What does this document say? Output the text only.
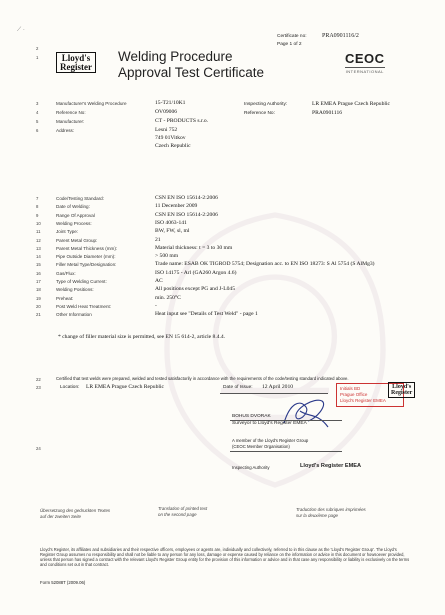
⟋ ·
Certificate no:	PRA0901116/2
Page 1 of 2
2
1	Lloyd's
Register
Welding Procedure
Approval Test Certificate
CEOC
INTERNATIONAL
3	Manufacturer's Welding Procedure	15-T21/10K1
4	Reference No:	OV09006
5	Manufacturer:	CT - PRODUCTS s.r.o.
6	Address:	Lesni 752
749 01Vitkov
Czech Republic
Inspecting Authority:	LR EMEA Prague Czech Republic
Reference No:	PRA0901116
7	Code/Testing Standard:	CSN EN ISO 15614-2:2006
8	Date of Welding:	11 December 2009
9	Range Of Approval	CSN EN ISO 15614-2:2006
10	Welding Process:	ISO 4063-141
11	Joint Type:	BW, FW, sl, ml
12	Parent Metal Group:	21
13	Parent Metal Thickness (mm):	Material thickness: t = 3 to 30 mm
14	Pipe Outside Diameter (mm):	> 500 mm
15	Filler Metal Type/Designation:	Trade name: ESAB OK TIGROD 5754; Designation acc. to EN ISO 18273: S Al 5754 (S AlMg3)
16	Gas/Flux:	ISO 14175 - Arl (GA260 Argon 4.6)
17	Type of Welding Current:	AC
18	Welding Positions:	All positions except PG and J-L045
19	Preheat:	min. 250°C
20	Post Weld Heat Treatment:	-
21	Other Information	Heat input see "Details of Test Weld" - page 1
* change of filler material size is permitted, see EN 15 614-2, article 8.4.4.
22	Certified that test welds were prepared, welded and tested satisfactorily in accordance with the requirements of the code/testing standard indicated above.
23	Location: LR EMEA Prague Czech Republic	Date of Issue: 12 April 2010	Initials BD
Prague Office
Lloyd's Register EMEA
Lloyd's
Register
BOHUS DVORAK
Surveyor to Lloyd's Register EMEA
24
A member of the Lloyd's Register Group
(CEOC Member Organisation)
Inspecting Authority	Lloyd's Register EMEA
Übersetzung des gedruckten Textes
auf der zweiten Seite
Translation of printed text
on the second page
Traduction des rubriques imprimées
sur la deuxième page
Lloyd's Register, its affiliates and subsidiaries and their respective officers, employees or agents are, individually and collectively, referred to in this clause as the 'Lloyd's Register Group'. The Lloyd's Register Group assumes no responsibility and shall not be liable to any person for any loss, damage or expense caused by reliance on the information or advice in this document or howsoever provided, unless that person has signed a contract with the relevant Lloyd's Register Group entity for the provision of this information or advice and in that case any responsibility or liability is exclusively on the terms and conditions set out in that contract.
Form 52088T (2009.06)
